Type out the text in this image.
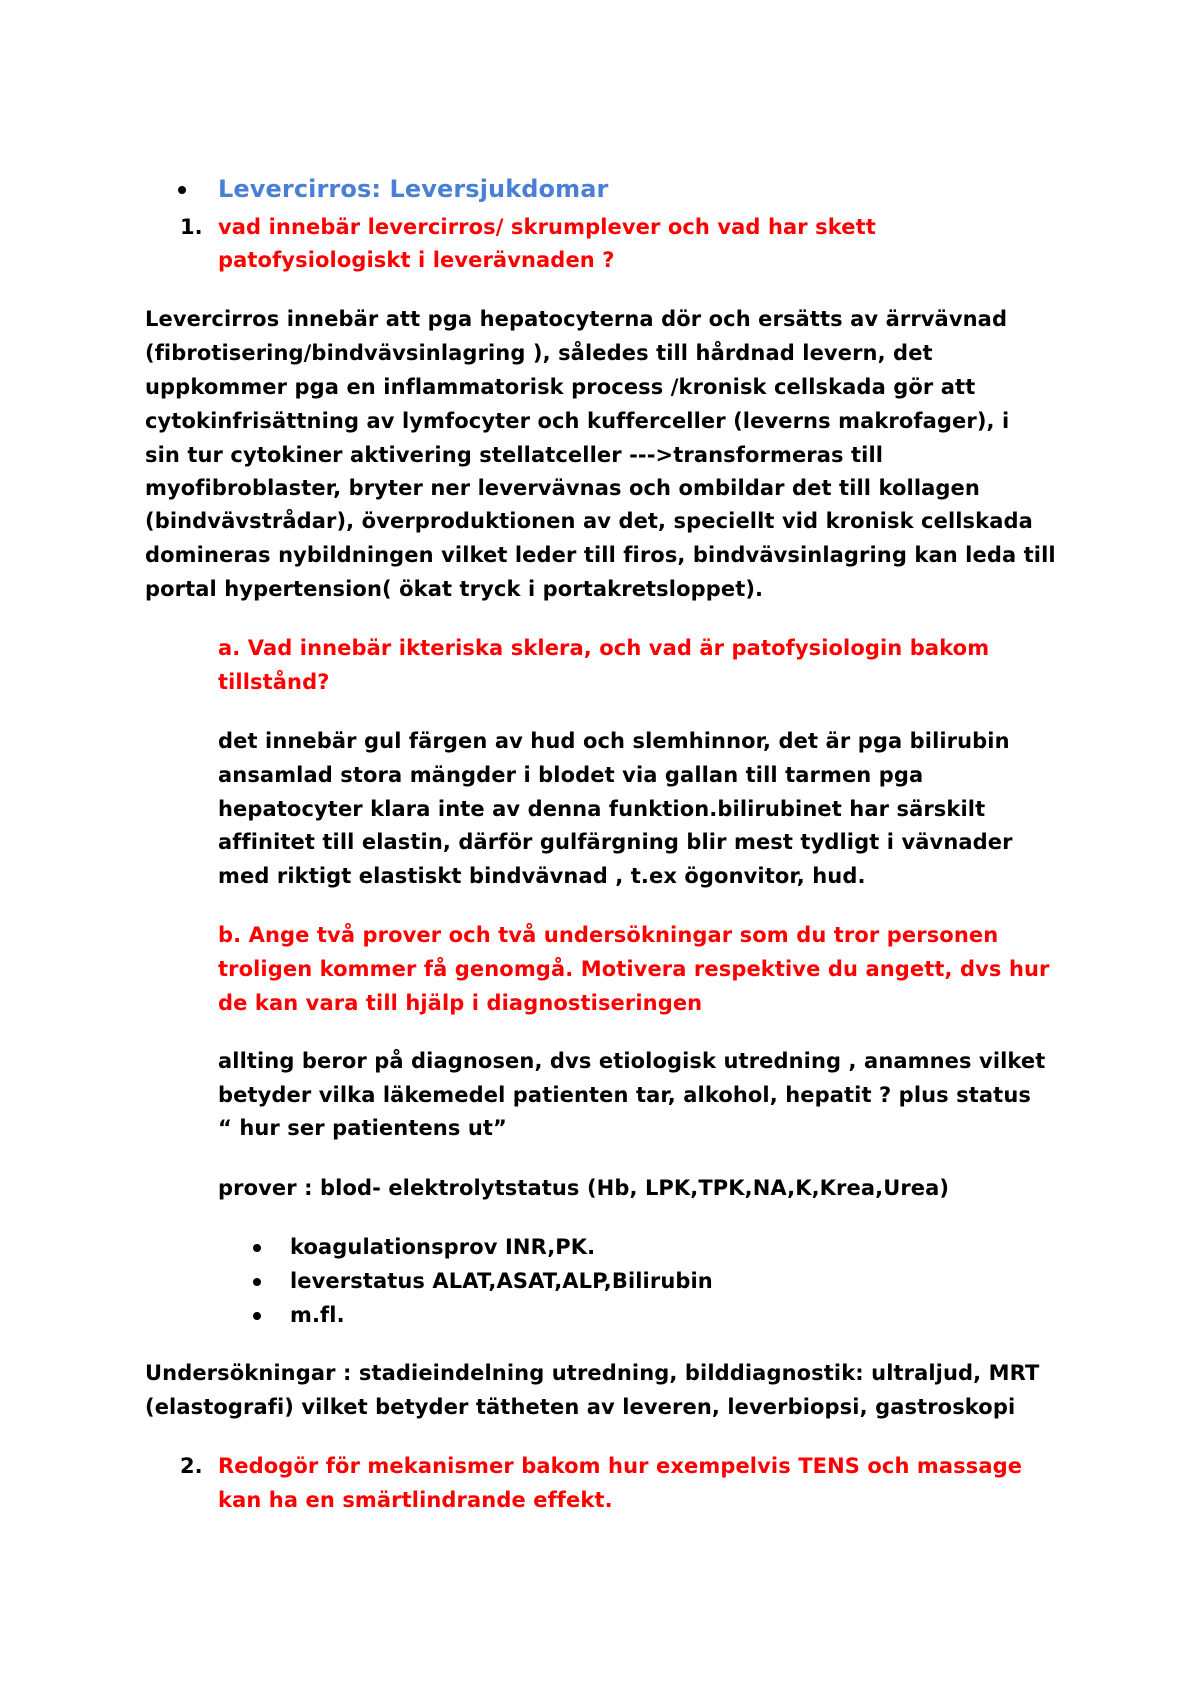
Levercirros: Leversjukdomar
1. vad innebär levercirros/ skrumplever och vad har skett
patofysiologiskt i leverävnaden ?
Levercirros innebär att pga hepatocyterna dör och ersätts av ärrvävnad
(fibrotisering/bindvävsinlagring ), således till hårdnad levern, det
uppkommer pga en inflammatorisk process /kronisk cellskada gör att
cytokinfrisättning av lymfocyter och kufferceller (leverns makrofager), i
sin tur cytokiner aktivering stellatceller --->transformeras till
myofibroblaster, bryter ner levervävnas och ombildar det till kollagen
(bindvävstrådar), överproduktionen av det, speciellt vid kronisk cellskada
domineras nybildningen vilket leder till firos, bindvävsinlagring kan leda till
portal hypertension( ökat tryck i portakretsloppet).
a. Vad innebär ikteriska sklera, och vad är patofysiologin bakom
tillstånd?
det innebär gul färgen av hud och slemhinnor, det är pga bilirubin
ansamlad stora mängder i blodet via gallan till tarmen pga
hepatocyter klara inte av denna funktion.bilirubinet har särskilt
affinitet till elastin, därför gulfärgning blir mest tydligt i vävnader
med riktigt elastiskt bindvävnad , t.ex ögonvitor, hud.
b. Ange två prover och två undersökningar som du tror personen
troligen kommer få genomgå. Motivera respektive du angett, dvs hur
de kan vara till hjälp i diagnostiseringen
allting beror på diagnosen, dvs etiologisk utredning , anamnes vilket
betyder vilka läkemedel patienten tar, alkohol, hepatit ? plus status
“ hur ser patientens ut”
prover : blod- elektrolytstatus (Hb, LPK,TPK,NA,K,Krea,Urea)
koagulationsprov INR,PK.
leverstatus ALAT,ASAT,ALP,Bilirubin
m.fl.
Undersökningar : stadieindelning utredning, bilddiagnostik: ultraljud, MRT
(elastografi) vilket betyder tätheten av leveren, leverbiopsi, gastroskopi
2. Redogör för mekanismer bakom hur exempelvis TENS och massage
kan ha en smärtlindrande effekt.
